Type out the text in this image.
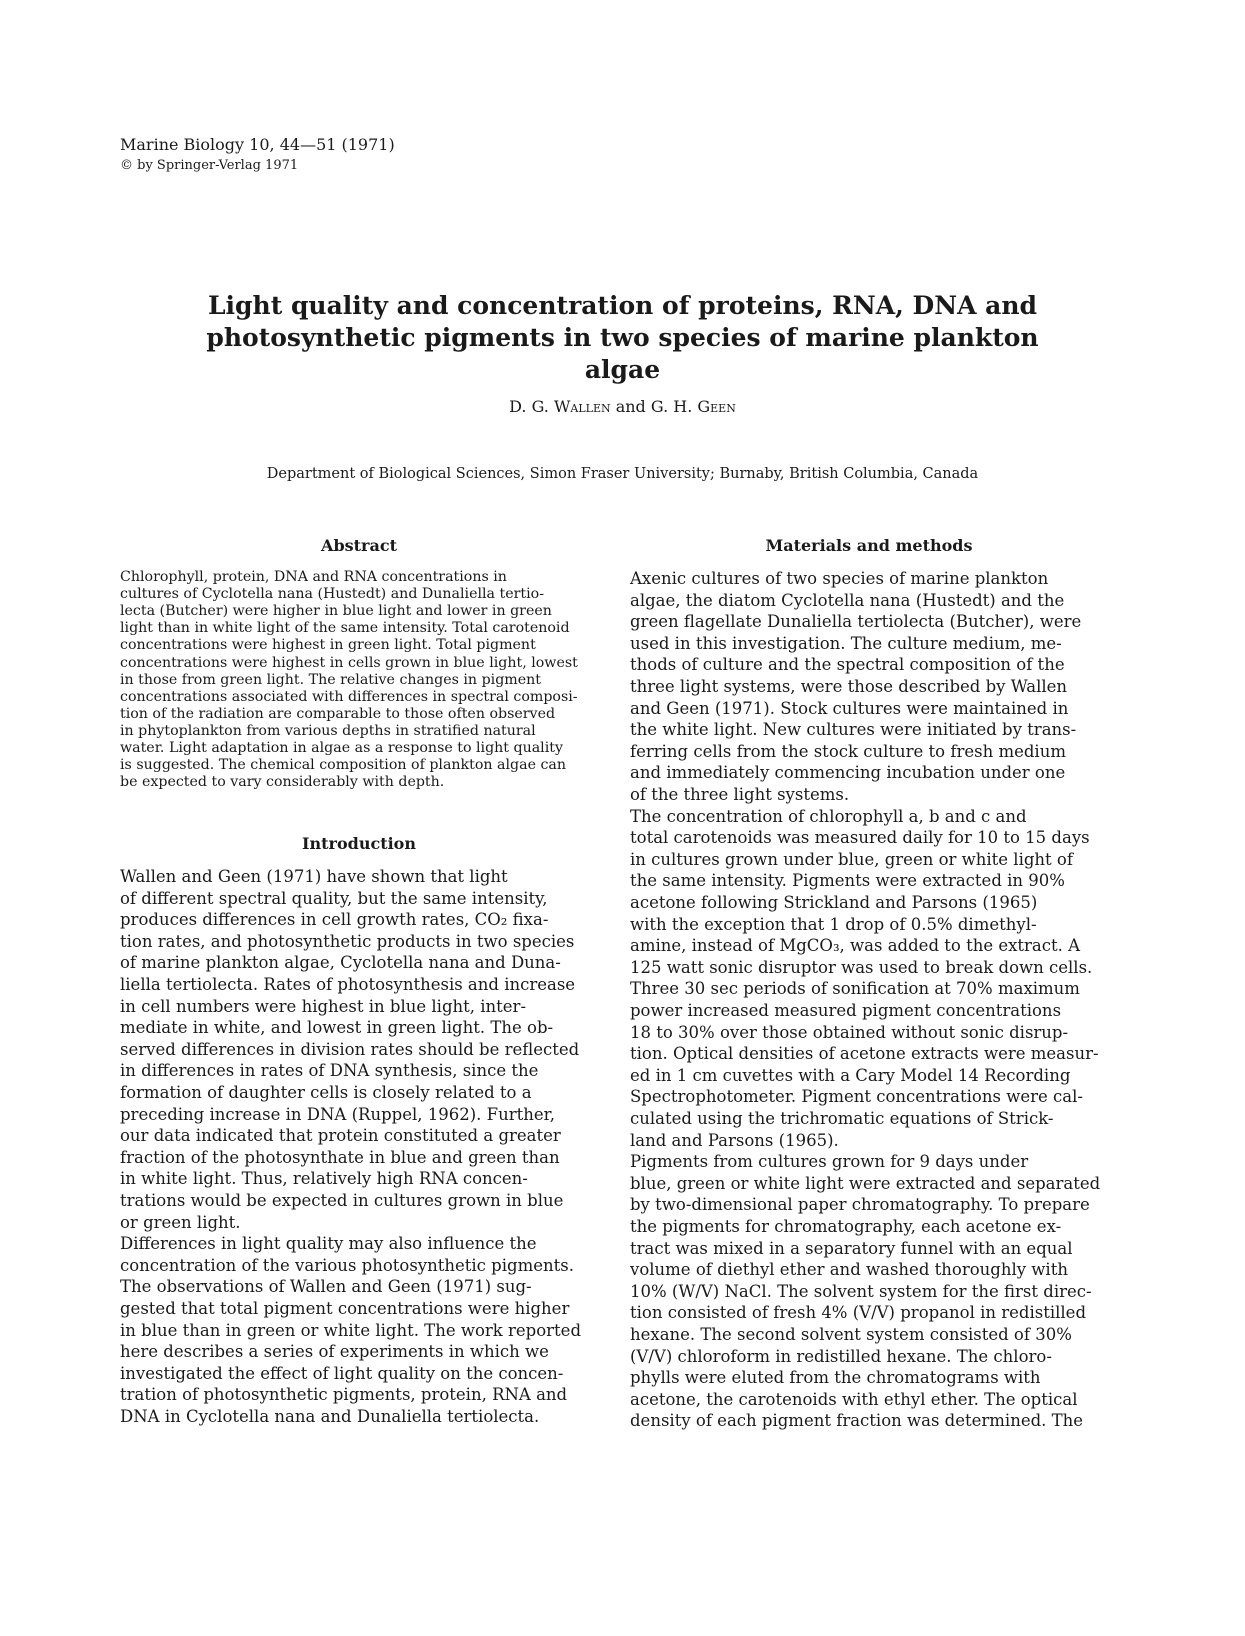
Marine Biology 10, 44—51 (1971)
© by Springer-Verlag 1971
Light quality and concentration of proteins, RNA, DNA and
photosynthetic pigments in two species of marine plankton algae
D. G. Wallen and G. H. Geen
Department of Biological Sciences, Simon Fraser University; Burnaby, British Columbia, Canada
Abstract
Chlorophyll, protein, DNA and RNA concentrations in
cultures of Cyclotella nana (Hustedt) and Dunaliella tertio-
lecta (Butcher) were higher in blue light and lower in green
light than in white light of the same intensity. Total carotenoid
concentrations were highest in green light. Total pigment
concentrations were highest in cells grown in blue light, lowest
in those from green light. The relative changes in pigment
concentrations associated with differences in spectral composi-
tion of the radiation are comparable to those often observed
in phytoplankton from various depths in stratified natural
water. Light adaptation in algae as a response to light quality
is suggested. The chemical composition of plankton algae can
be expected to vary considerably with depth.
Introduction
Wallen and Geen (1971) have shown that light
of different spectral quality, but the same intensity,
produces differences in cell growth rates, CO₂ fixa-
tion rates, and photosynthetic products in two species
of marine plankton algae, Cyclotella nana and Duna-
liella tertiolecta. Rates of photosynthesis and increase
in cell numbers were highest in blue light, inter-
mediate in white, and lowest in green light. The ob-
served differences in division rates should be reflected
in differences in rates of DNA synthesis, since the
formation of daughter cells is closely related to a
preceding increase in DNA (Ruppel, 1962). Further,
our data indicated that protein constituted a greater
fraction of the photosynthate in blue and green than
in white light. Thus, relatively high RNA concen-
trations would be expected in cultures grown in blue
or green light.
Differences in light quality may also influence the
concentration of the various photosynthetic pigments.
The observations of Wallen and Geen (1971) sug-
gested that total pigment concentrations were higher
in blue than in green or white light. The work reported
here describes a series of experiments in which we
investigated the effect of light quality on the concen-
tration of photosynthetic pigments, protein, RNA and
DNA in Cyclotella nana and Dunaliella tertiolecta.
Materials and methods
Axenic cultures of two species of marine plankton
algae, the diatom Cyclotella nana (Hustedt) and the
green flagellate Dunaliella tertiolecta (Butcher), were
used in this investigation. The culture medium, me-
thods of culture and the spectral composition of the
three light systems, were those described by Wallen
and Geen (1971). Stock cultures were maintained in
the white light. New cultures were initiated by trans-
ferring cells from the stock culture to fresh medium
and immediately commencing incubation under one
of the three light systems.
The concentration of chlorophyll a, b and c and
total carotenoids was measured daily for 10 to 15 days
in cultures grown under blue, green or white light of
the same intensity. Pigments were extracted in 90%
acetone following Strickland and Parsons (1965)
with the exception that 1 drop of 0.5% dimethyl-
amine, instead of MgCO₃, was added to the extract. A
125 watt sonic disruptor was used to break down cells.
Three 30 sec periods of sonification at 70% maximum
power increased measured pigment concentrations
18 to 30% over those obtained without sonic disrup-
tion. Optical densities of acetone extracts were measur-
ed in 1 cm cuvettes with a Cary Model 14 Recording
Spectrophotometer. Pigment concentrations were cal-
culated using the trichromatic equations of Strick-
land and Parsons (1965).
Pigments from cultures grown for 9 days under
blue, green or white light were extracted and separated
by two-dimensional paper chromatography. To prepare
the pigments for chromatography, each acetone ex-
tract was mixed in a separatory funnel with an equal
volume of diethyl ether and washed thoroughly with
10% (W/V) NaCl. The solvent system for the first direc-
tion consisted of fresh 4% (V/V) propanol in redistilled
hexane. The second solvent system consisted of 30%
(V/V) chloroform in redistilled hexane. The chloro-
phylls were eluted from the chromatograms with
acetone, the carotenoids with ethyl ether. The optical
density of each pigment fraction was determined. The
